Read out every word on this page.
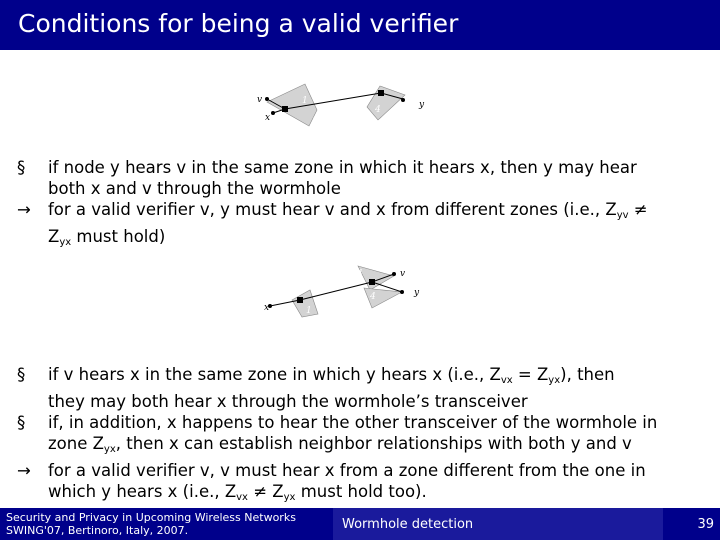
Conditions for being a valid verifier
v
x
y
1
1
4
§	if node y hears v in the same zone in which it hears x, then y may hear
both x and v through the wormhole
→	for a valid verifier v, y must hear v and x from different zones (i.e., $Z_{yv}$ ≠
$Z_{yx}$ must hold)
x
v
y
4
4
1
§	if v hears x in the same zone in which y hears x (i.e., $Z_{vx} = Z_{yx}$), then
they may both hear x through the wormhole’s transceiver
§	if, in addition, x happens to hear the other transceiver of the wormhole in
zone $Z_{yx}$, then x can establish neighbor relationships with both y and v
→	for a valid verifier v, v must hear x from a zone different from the one in
which y hears x (i.e., $Z_{vx} \ne Z_{yx}$ must hold too).
Security and Privacy in Upcoming Wireless Networks
SWING'07, Bertinoro, Italy, 2007.	Wormhole detection	39
